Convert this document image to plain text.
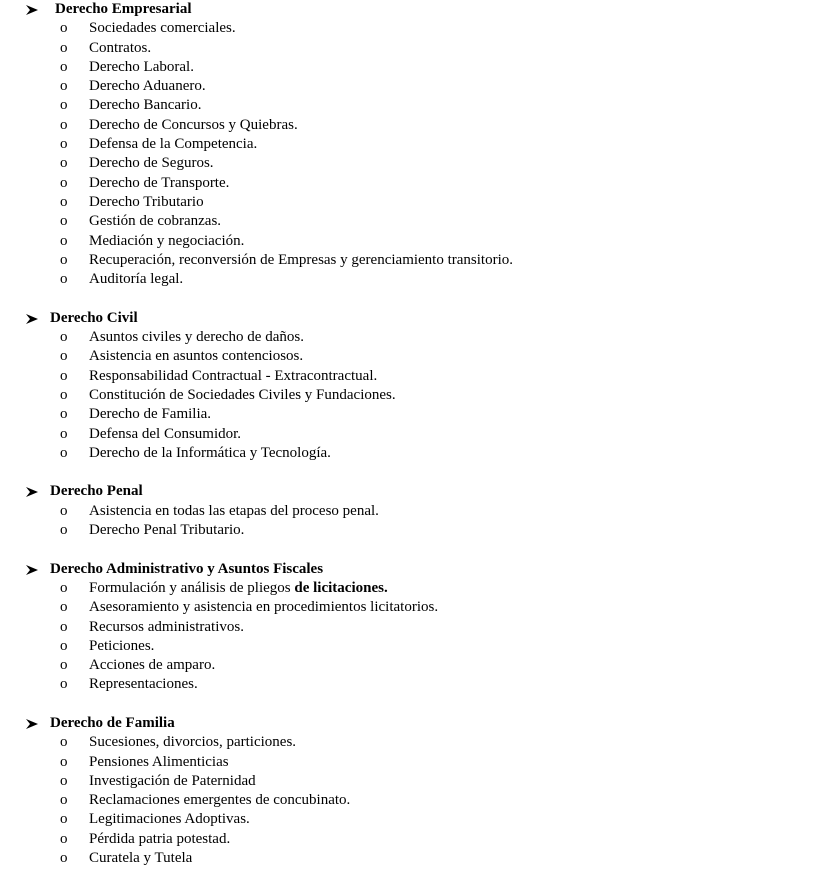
Derecho Empresarial
o Sociedades comerciales.
o Contratos.
o Derecho Laboral.
o Derecho Aduanero.
o Derecho Bancario.
o Derecho de Concursos y Quiebras.
o Defensa de la Competencia.
o Derecho de Seguros.
o Derecho de Transporte.
o Derecho Tributario
o Gestión de cobranzas.
o Mediación y negociación.
o Recuperación, reconversión de Empresas y gerenciamiento transitorio.
o Auditoría legal.
Derecho Civil
o Asuntos civiles y derecho de daños.
o Asistencia en asuntos contenciosos.
o Responsabilidad Contractual - Extracontractual.
o Constitución de Sociedades Civiles y Fundaciones.
o Derecho de Familia.
o Defensa del Consumidor.
o Derecho de la Informática y Tecnología.
Derecho Penal
o Asistencia en todas las etapas del proceso penal.
o Derecho Penal Tributario.
Derecho Administrativo y Asuntos Fiscales
o Formulación y análisis de pliegos de licitaciones.
o Asesoramiento y asistencia en procedimientos licitatorios.
o Recursos administrativos.
o Peticiones.
o Acciones de amparo.
o Representaciones.
Derecho de Familia
o Sucesiones, divorcios, particiones.
o Pensiones Alimenticias
o Investigación de Paternidad
o Reclamaciones emergentes de concubinato.
o Legitimaciones Adoptivas.
o Pérdida patria potestad.
o Curatela y Tutela
